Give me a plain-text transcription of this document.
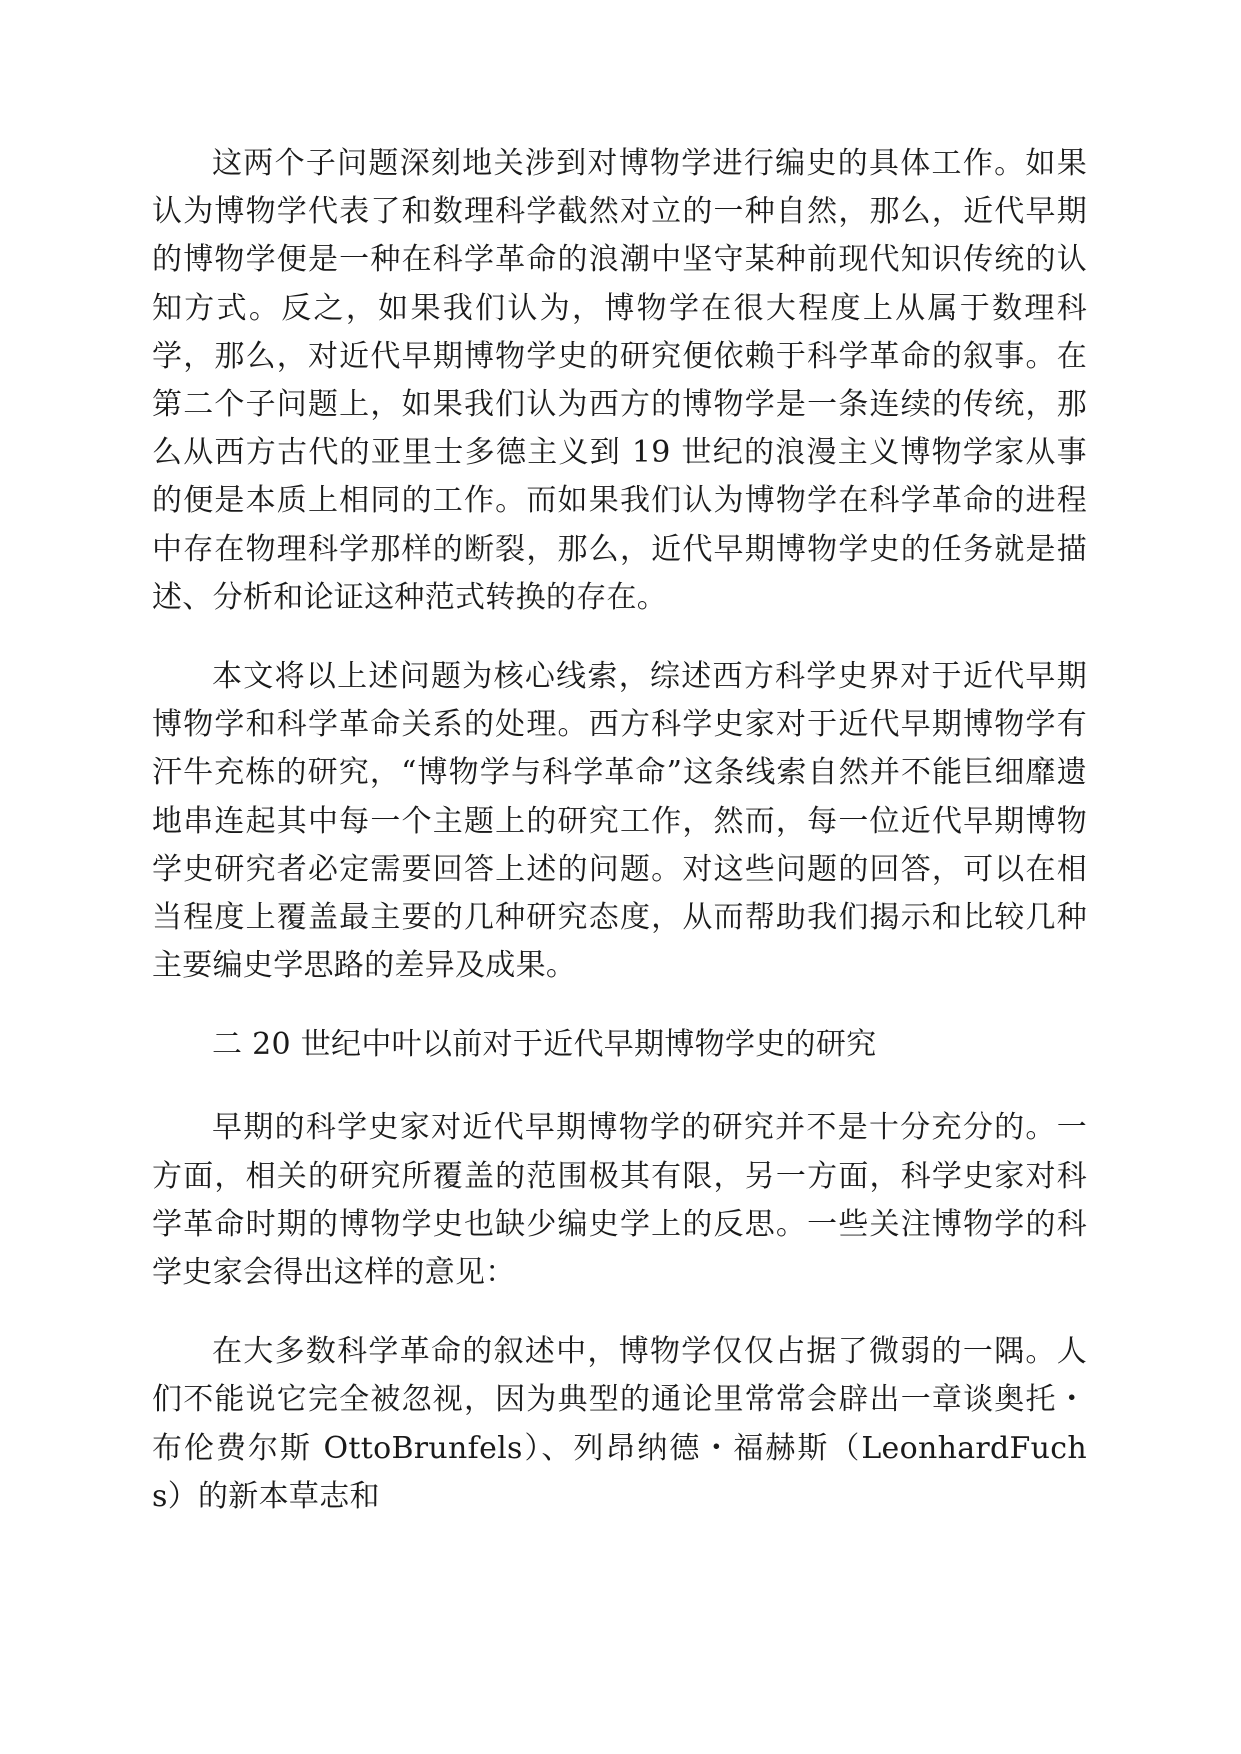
这两个子问题深刻地关涉到对博物学进行编史的具体工作。如果认为博物学代表了和数理科学截然对立的一种自然，那么，近代早期的博物学便是一种在科学革命的浪潮中坚守某种前现代知识传统的认知方式。反之，如果我们认为，博物学在很大程度上从属于数理科学，那么，对近代早期博物学史的研究便依赖于科学革命的叙事。在第二个子问题上，如果我们认为西方的博物学是一条连续的传统，那么从西方古代的亚里士多德主义到 19 世纪的浪漫主义博物学家从事的便是本质上相同的工作。而如果我们认为博物学在科学革命的进程中存在物理科学那样的断裂，那么，近代早期博物学史的任务就是描述、分析和论证这种范式转换的存在。

本文将以上述问题为核心线索，综述西方科学史界对于近代早期博物学和科学革命关系的处理。西方科学史家对于近代早期博物学有汗牛充栋的研究，“博物学与科学革命”这条线索自然并不能巨细靡遗地串连起其中每一个主题上的研究工作，然而，每一位近代早期博物学史研究者必定需要回答上述的问题。对这些问题的回答，可以在相当程度上覆盖最主要的几种研究态度，从而帮助我们揭示和比较几种主要编史学思路的差异及成果。

二 20 世纪中叶以前对于近代早期博物学史的研究

早期的科学史家对近代早期博物学的研究并不是十分充分的。一方面，相关的研究所覆盖的范围极其有限，另一方面，科学史家对科学革命时期的博物学史也缺少编史学上的反思。一些关注博物学的科学史家会得出这样的意见：

在大多数科学革命的叙述中，博物学仅仅占据了微弱的一隅。人们不能说它完全被忽视，因为典型的通论里常常会辟出一章谈奥托・布伦费尔斯 OttoBrunfels）、列昂纳德・福赫斯（LeonhardFuchs）的新本草志和
